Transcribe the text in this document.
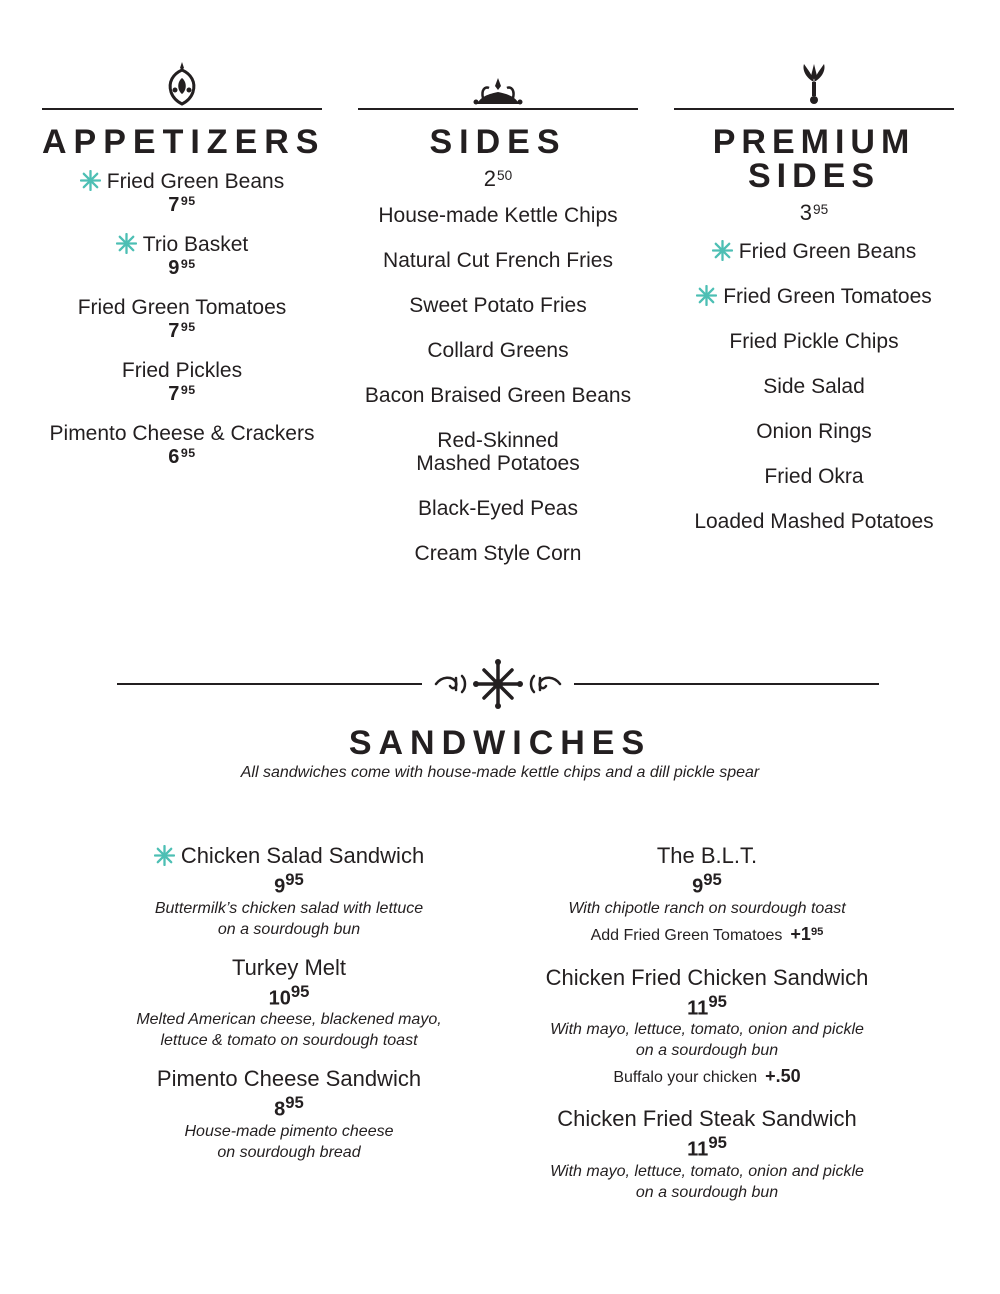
APPETIZERS
Fried Green Beans
$7^{95}$
Trio Basket
$9^{95}$
Fried Green Tomatoes
$7^{95}$
Fried Pickles
$7^{95}$
Pimento Cheese & Crackers
$6^{95}$
SIDES
$2^{50}$
House-made Kettle Chips
Natural Cut French Fries
Sweet Potato Fries
Collard Greens
Bacon Braised Green Beans
Red-Skinned
Mashed Potatoes
Black-Eyed Peas
Cream Style Corn
PREMIUM
SIDES
$3^{95}$
Fried Green Beans
Fried Green Tomatoes
Fried Pickle Chips
Side Salad
Onion Rings
Fried Okra
Loaded Mashed Potatoes
SANDWICHES

All sandwiches come with house-made kettle chips and a dill pickle spear

Chicken Salad Sandwich
$9^{95}$
Buttermilk’s chicken salad with lettuce
on a sourdough bun
Turkey Melt
$10^{95}$
Melted American cheese, blackened mayo,
lettuce & tomato on sourdough toast
Pimento Cheese Sandwich
$8^{95}$
House-made pimento cheese
on sourdough bread
The B.L.T.
$9^{95}$
With chipotle ranch on sourdough toast
Add Fried Green Tomatoes $+1^{95}$
Chicken Fried Chicken Sandwich
$11^{95}$
With mayo, lettuce, tomato, onion and pickle
on a sourdough bun
Buffalo your chicken +.50
Chicken Fried Steak Sandwich
$11^{95}$
With mayo, lettuce, tomato, onion and pickle
on a sourdough bun
